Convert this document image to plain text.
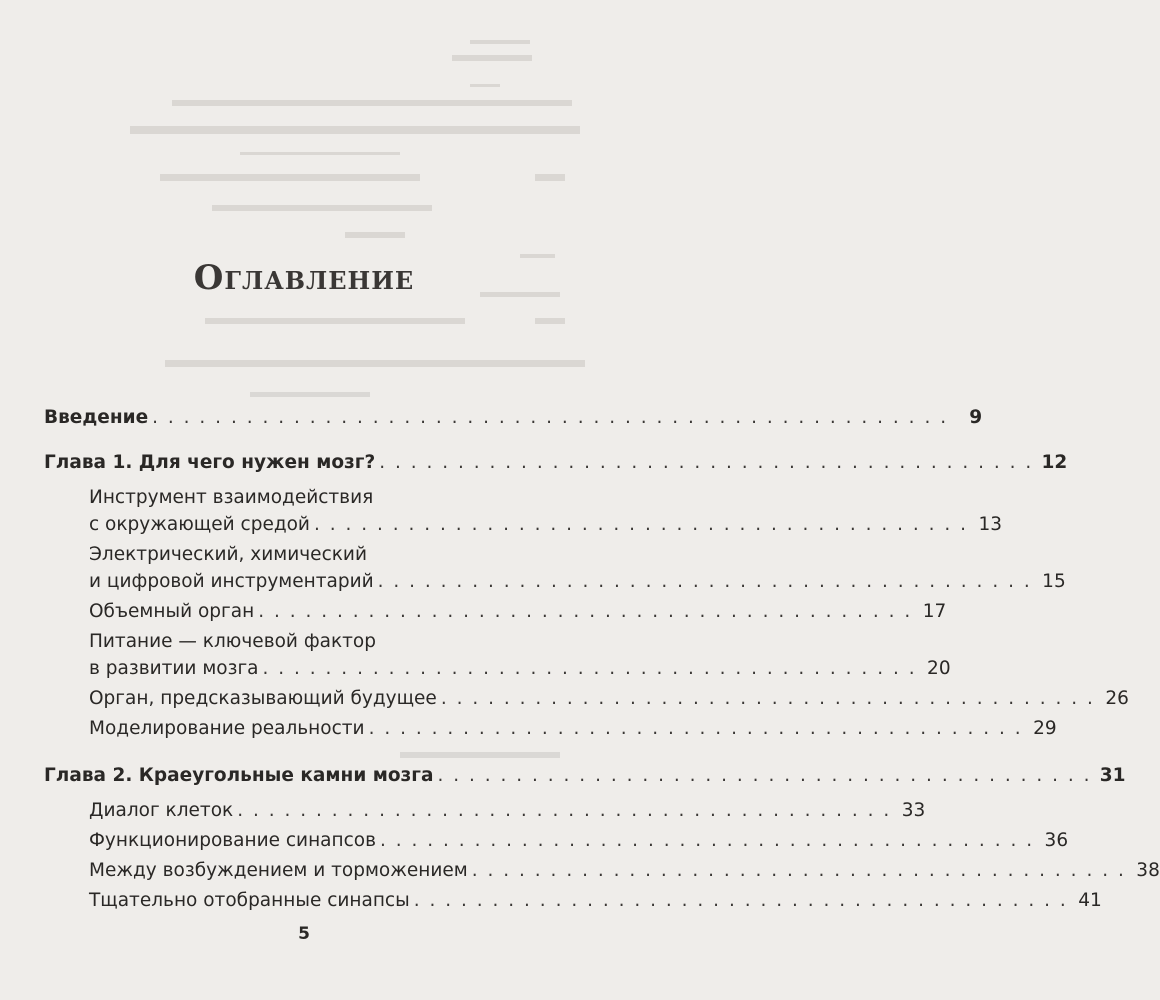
Оглавление
Введение . . . . . . . . . . . . . . . . . . . . . . . . . . . . . . . . . . . . . . . . . . . . . . . . . . .	9
Глава 1. Для чего нужен мозг? . . . . . . . . . . . . . . . . . . . . . . . . . . . . . . . . . . . . . . . . . . 12
Инструмент взаимодействия
с окружающей средой . . . . . . . . . . . . . . . . . . . . . . . . . . . . . . . . . . . . . . . . . . 13
Электрический, химический
и цифровой инструментарий . . . . . . . . . . . . . . . . . . . . . . . . . . . . . . . . . . . . . . . . . . 15
Объемный орган . . . . . . . . . . . . . . . . . . . . . . . . . . . . . . . . . . . . . . . . . . 17
Питание — ключевой фактор
в развитии мозга . . . . . . . . . . . . . . . . . . . . . . . . . . . . . . . . . . . . . . . . . . 20
Орган, предсказывающий будущее . . . . . . . . . . . . . . . . . . . . . . . . . . . . . . . . . . . . . . . . . . 26
Моделирование реальности . . . . . . . . . . . . . . . . . . . . . . . . . . . . . . . . . . . . . . . . . . 29
Глава 2. Краеугольные камни мозга . . . . . . . . . . . . . . . . . . . . . . . . . . . . . . . . . . . . . . . . . . 31
Диалог клеток . . . . . . . . . . . . . . . . . . . . . . . . . . . . . . . . . . . . . . . . . . 33
Функционирование синапсов . . . . . . . . . . . . . . . . . . . . . . . . . . . . . . . . . . . . . . . . . . 36
Между возбуждением и торможением . . . . . . . . . . . . . . . . . . . . . . . . . . . . . . . . . . . . . . . . . . 38
Тщательно отобранные синапсы . . . . . . . . . . . . . . . . . . . . . . . . . . . . . . . . . . . . . . . . . . 41
5
